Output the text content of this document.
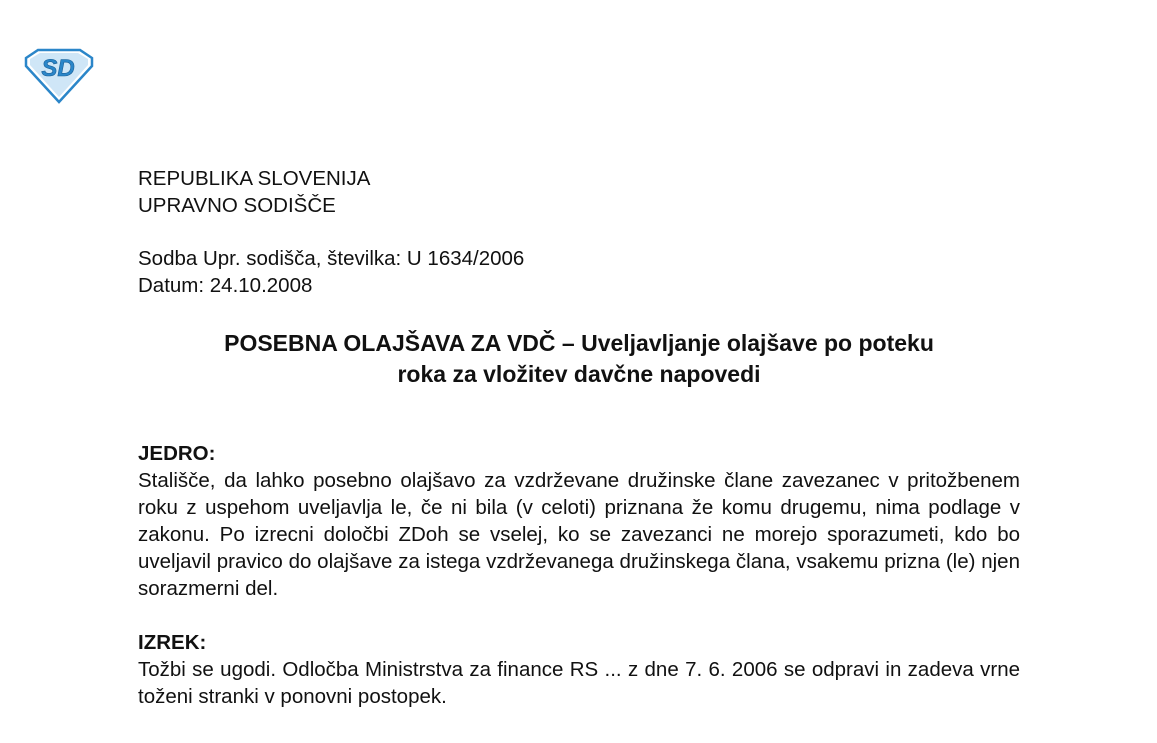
SD
REPUBLIKA SLOVENIJA
UPRAVNO SODIŠČE
Sodba Upr. sodišča, številka: U 1634/2006
Datum: 24.10.2008
POSEBNA OLAJŠAVA ZA VDČ – Uveljavljanje olajšave po poteku
roka za vložitev davčne napovedi
JEDRO:
Stališče, da lahko posebno olajšavo za vzdrževane družinske člane zavezanec v pritožbenem roku z uspehom uveljavlja le, če ni bila (v celoti) priznana že komu drugemu, nima podlage v zakonu. Po izrecni določbi ZDoh se vselej, ko se zavezanci ne morejo sporazumeti, kdo bo uveljavil pravico do olajšave za istega vzdrževanega družinskega člana, vsakemu prizna (le) njen sorazmerni del.
IZREK:
Tožbi se ugodi. Odločba Ministrstva za finance RS ... z dne 7. 6. 2006 se odpravi in zadeva vrne toženi stranki v ponovni postopek.
